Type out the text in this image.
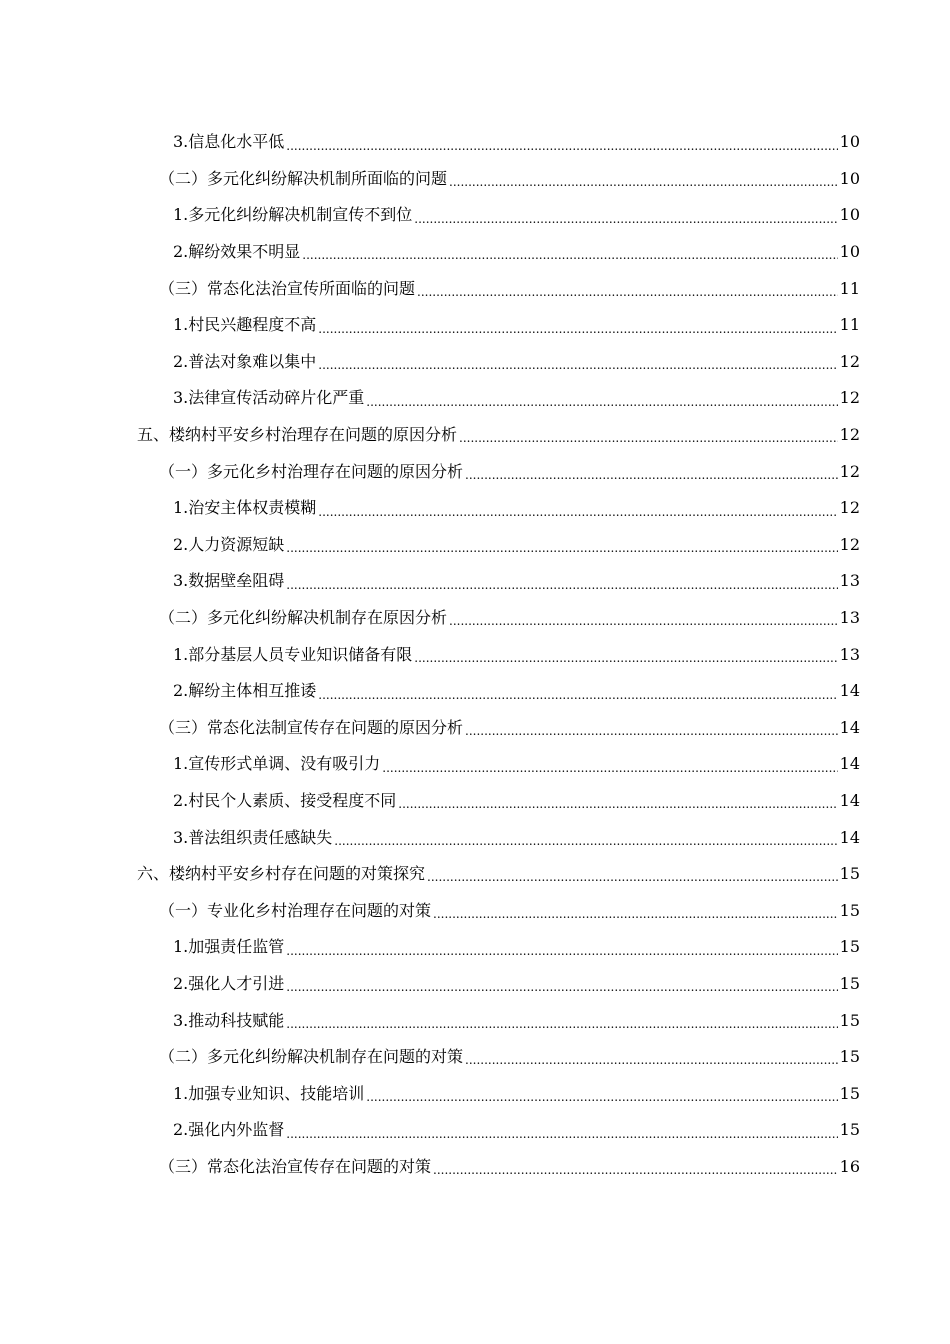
3.信息化水平低 .....	10
（二）多元化纠纷解决机制所面临的问题 .....	10
1.多元化纠纷解决机制宣传不到位 .....	10
2.解纷效果不明显 .....	10
（三）常态化法治宣传所面临的问题 .....	11
1.村民兴趣程度不高 .....	11
2.普法对象难以集中 .....	12
3.法律宣传活动碎片化严重 .....	12
五、楼纳村平安乡村治理存在问题的原因分析 .....	12
（一）多元化乡村治理存在问题的原因分析 .....	12
1.治安主体权责模糊 .....	12
2.人力资源短缺 .....	12
3.数据壁垒阻碍 .....	13
（二）多元化纠纷解决机制存在原因分析 .....	13
1.部分基层人员专业知识储备有限 .....	13
2.解纷主体相互推诿 .....	14
（三）常态化法制宣传存在问题的原因分析 .....	14
1.宣传形式单调、没有吸引力 .....	14
2.村民个人素质、接受程度不同 .....	14
3.普法组织责任感缺失 .....	14
六、楼纳村平安乡村存在问题的对策探究 .....	15
（一）专业化乡村治理存在问题的对策 .....	15
1.加强责任监管 .....	15
2.强化人才引进 .....	15
3.推动科技赋能 .....	15
（二）多元化纠纷解决机制存在问题的对策 .....	15
1.加强专业知识、技能培训 .....	15
2.强化内外监督 .....	15
（三）常态化法治宣传存在问题的对策 .....	16
